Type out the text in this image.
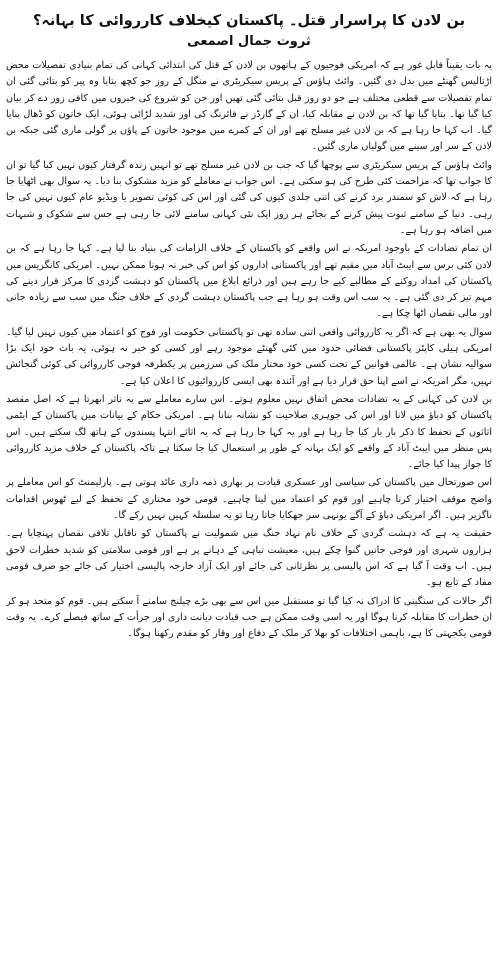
بن لادن کا پراسرار قتل۔ پاکستان کیخلاف کارروائی کا بہانہ؟
ثروت جمال اصمعی

یہ بات یقیناً قابل غور ہے کہ امریکی فوجیوں کے ہاتھوں بن لادن کے قتل کی ابتدائی کہانی کی تمام بنیادی تفصیلات محض اڑتالیس گھنٹے میں بدل دی گئیں۔ وائٹ ہاؤس کے پریس سیکریٹری نے منگل کے روز جو کچھ بتایا وہ پیر کو بتائی گئی ان تمام تفصیلات سے قطعی مختلف ہے جو دو روز قبل بتائی گئی تھیں اور جن کو شروع کی خبروں میں کافی زور دے کر بیان کیا گیا تھا۔ بتایا گیا تھا کہ بن لادن نے مقابلہ کیا، ان کے گارڈز نے فائرنگ کی اور شدید لڑائی ہوئی، ایک خاتون کو ڈھال بنایا گیا۔ اب کہا جا رہا ہے کہ بن لادن غیر مسلح تھے اور ان کے کمرے میں موجود خاتون کے پاؤں پر گولی ماری گئی جبکہ بن لادن کے سر اور سینے میں گولیاں ماری گئیں۔

وائٹ ہاؤس کے پریس سیکریٹری سے پوچھا گیا کہ جب بن لادن غیر مسلح تھے تو انہیں زندہ گرفتار کیوں نہیں کیا گیا تو ان کا جواب تھا کہ مزاحمت کئی طرح کی ہو سکتی ہے۔ اس جواب نے معاملے کو مزید مشکوک بنا دیا۔ یہ سوال بھی اٹھایا جا رہا ہے کہ لاش کو سمندر برد کرنے کی اتنی جلدی کیوں کی گئی اور اس کی کوئی تصویر یا ویڈیو عام کیوں نہیں کی جا رہی۔ دنیا کے سامنے ثبوت پیش کرنے کے بجائے ہر روز ایک نئی کہانی سامنے لائی جا رہی ہے جس سے شکوک و شبہات میں اضافہ ہو رہا ہے۔

ان تمام تضادات کے باوجود امریکہ نے اس واقعے کو پاکستان کے خلاف الزامات کی بنیاد بنا لیا ہے۔ کہا جا رہا ہے کہ بن لادن کئی برس سے ایبٹ آباد میں مقیم تھے اور پاکستانی اداروں کو اس کی خبر نہ ہونا ممکن نہیں۔ امریکی کانگریس میں پاکستان کی امداد روکنے کے مطالبے کیے جا رہے ہیں اور ذرائع ابلاغ میں پاکستان کو دہشت گردی کا مرکز قرار دینے کی مہم تیز کر دی گئی ہے۔ یہ سب اس وقت ہو رہا ہے جب پاکستان دہشت گردی کے خلاف جنگ میں سب سے زیادہ جانی اور مالی نقصان اٹھا چکا ہے۔

سوال یہ بھی ہے کہ اگر یہ کارروائی واقعی اتنی سادہ تھی تو پاکستانی حکومت اور فوج کو اعتماد میں کیوں نہیں لیا گیا۔ امریکی ہیلی کاپٹر پاکستانی فضائی حدود میں کئی گھنٹے موجود رہے اور کسی کو خبر نہ ہوئی، یہ بات خود ایک بڑا سوالیہ نشان ہے۔ عالمی قوانین کے تحت کسی خود مختار ملک کی سرزمین پر یکطرفہ فوجی کارروائی کی کوئی گنجائش نہیں، مگر امریکہ نے اسے اپنا حق قرار دیا ہے اور آئندہ بھی ایسی کارروائیوں کا اعلان کیا ہے۔

بن لادن کی کہانی کے یہ تضادات محض اتفاق نہیں معلوم ہوتے۔ اس سارے معاملے سے یہ تاثر ابھرتا ہے کہ اصل مقصد پاکستان کو دباؤ میں لانا اور اس کی جوہری صلاحیت کو نشانہ بنانا ہے۔ امریکی حکام کے بیانات میں پاکستان کے ایٹمی اثاثوں کے تحفظ کا ذکر بار بار کیا جا رہا ہے اور یہ کہا جا رہا ہے کہ یہ اثاثے انتہا پسندوں کے ہاتھ لگ سکتے ہیں۔ اس پس منظر میں ایبٹ آباد کے واقعے کو ایک بہانہ کے طور پر استعمال کیا جا سکتا ہے تاکہ پاکستان کے خلاف مزید کارروائی کا جواز پیدا کیا جائے۔

اس صورتحال میں پاکستان کی سیاسی اور عسکری قیادت پر بھاری ذمہ داری عائد ہوتی ہے۔ پارلیمنٹ کو اس معاملے پر واضح موقف اختیار کرنا چاہیے اور قوم کو اعتماد میں لینا چاہیے۔ قومی خود مختاری کے تحفظ کے لیے ٹھوس اقدامات ناگزیر ہیں۔ اگر امریکی دباؤ کے آگے یونہی سر جھکایا جاتا رہا تو یہ سلسلہ کہیں نہیں رکے گا۔

حقیقت یہ ہے کہ دہشت گردی کے خلاف نام نہاد جنگ میں شمولیت نے پاکستان کو ناقابل تلافی نقصان پہنچایا ہے۔ ہزاروں شہری اور فوجی جانیں گنوا چکے ہیں، معیشت تباہی کے دہانے پر ہے اور قومی سلامتی کو شدید خطرات لاحق ہیں۔ اب وقت آ گیا ہے کہ اس پالیسی پر نظرثانی کی جائے اور ایک آزاد خارجہ پالیسی اختیار کی جائے جو صرف قومی مفاد کے تابع ہو۔

اگر حالات کی سنگینی کا ادراک نہ کیا گیا تو مستقبل میں اس سے بھی بڑے چیلنج سامنے آ سکتے ہیں۔ قوم کو متحد ہو کر ان خطرات کا مقابلہ کرنا ہوگا اور یہ اسی وقت ممکن ہے جب قیادت دیانت داری اور جرأت کے ساتھ فیصلے کرے۔ یہ وقت قومی یکجہتی کا ہے، باہمی اختلافات کو بھلا کر ملک کے دفاع اور وقار کو مقدم رکھنا ہوگا۔
